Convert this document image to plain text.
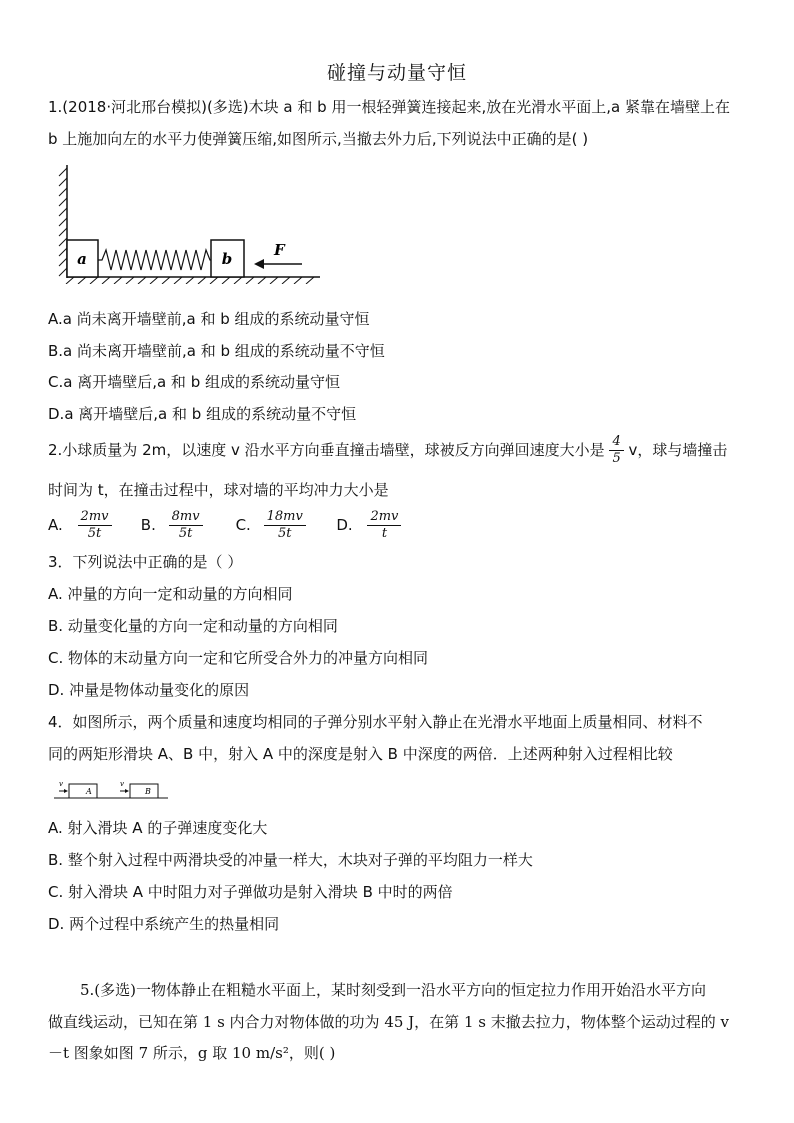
碰撞与动量守恒
1.(2018·河北邢台模拟)(多选)木块 a 和 b 用一根轻弹簧连接起来,放在光滑水平面上,a 紧靠在墙壁上在
b 上施加向左的水平力使弹簧压缩,如图所示,当撤去外力后,下列说法中正确的是( )
a	b	F
A.a 尚未离开墙壁前,a 和 b 组成的系统动量守恒
B.a 尚未离开墙壁前,a 和 b 组成的系统动量不守恒
C.a 离开墙壁后,a 和 b 组成的系统动量守恒
D.a 离开墙壁后,a 和 b 组成的系统动量不守恒
2.小球质量为 2m，以速度 v 沿水平方向垂直撞击墙壁，球被反方向弹回速度大小是 $\frac{4}{5}$ v，球与墙撞击
时间为 t，在撞击过程中，球对墙的平均冲力大小是
A. $\frac{2mv}{5t} B$. $\frac{8mv}{5t} C$. $\frac{18mv}{5t} D$. $\frac{2mv}{t}$
3．下列说法中正确的是（ ）
A. 冲量的方向一定和动量的方向相同
B. 动量变化量的方向一定和动量的方向相同
C. 物体的末动量方向一定和它所受合外力的冲量方向相同
D. 冲量是物体动量变化的原因
4．如图所示，两个质量和速度均相同的子弹分别水平射入静止在光滑水平地面上质量相同、材料不
同的两矩形滑块 A、B 中，射入 A 中的深度是射入 B 中深度的两倍．上述两种射入过程相比较
v
A
v
B
A. 射入滑块 A 的子弹速度变化大
B. 整个射入过程中两滑块受的冲量一样大，木块对子弹的平均阻力一样大
C. 射入滑块 A 中时阻力对子弹做功是射入滑块 B 中时的两倍
D. 两个过程中系统产生的热量相同
5.(多选)一物体静止在粗糙水平面上，某时刻受到一沿水平方向的恒定拉力作用开始沿水平方向
做直线运动，已知在第 1 s 内合力对物体做的功为 45 J，在第 1 s 末撤去拉力，物体整个运动过程的 v
－t 图象如图 7 所示，g 取 10 m/s²，则( )
